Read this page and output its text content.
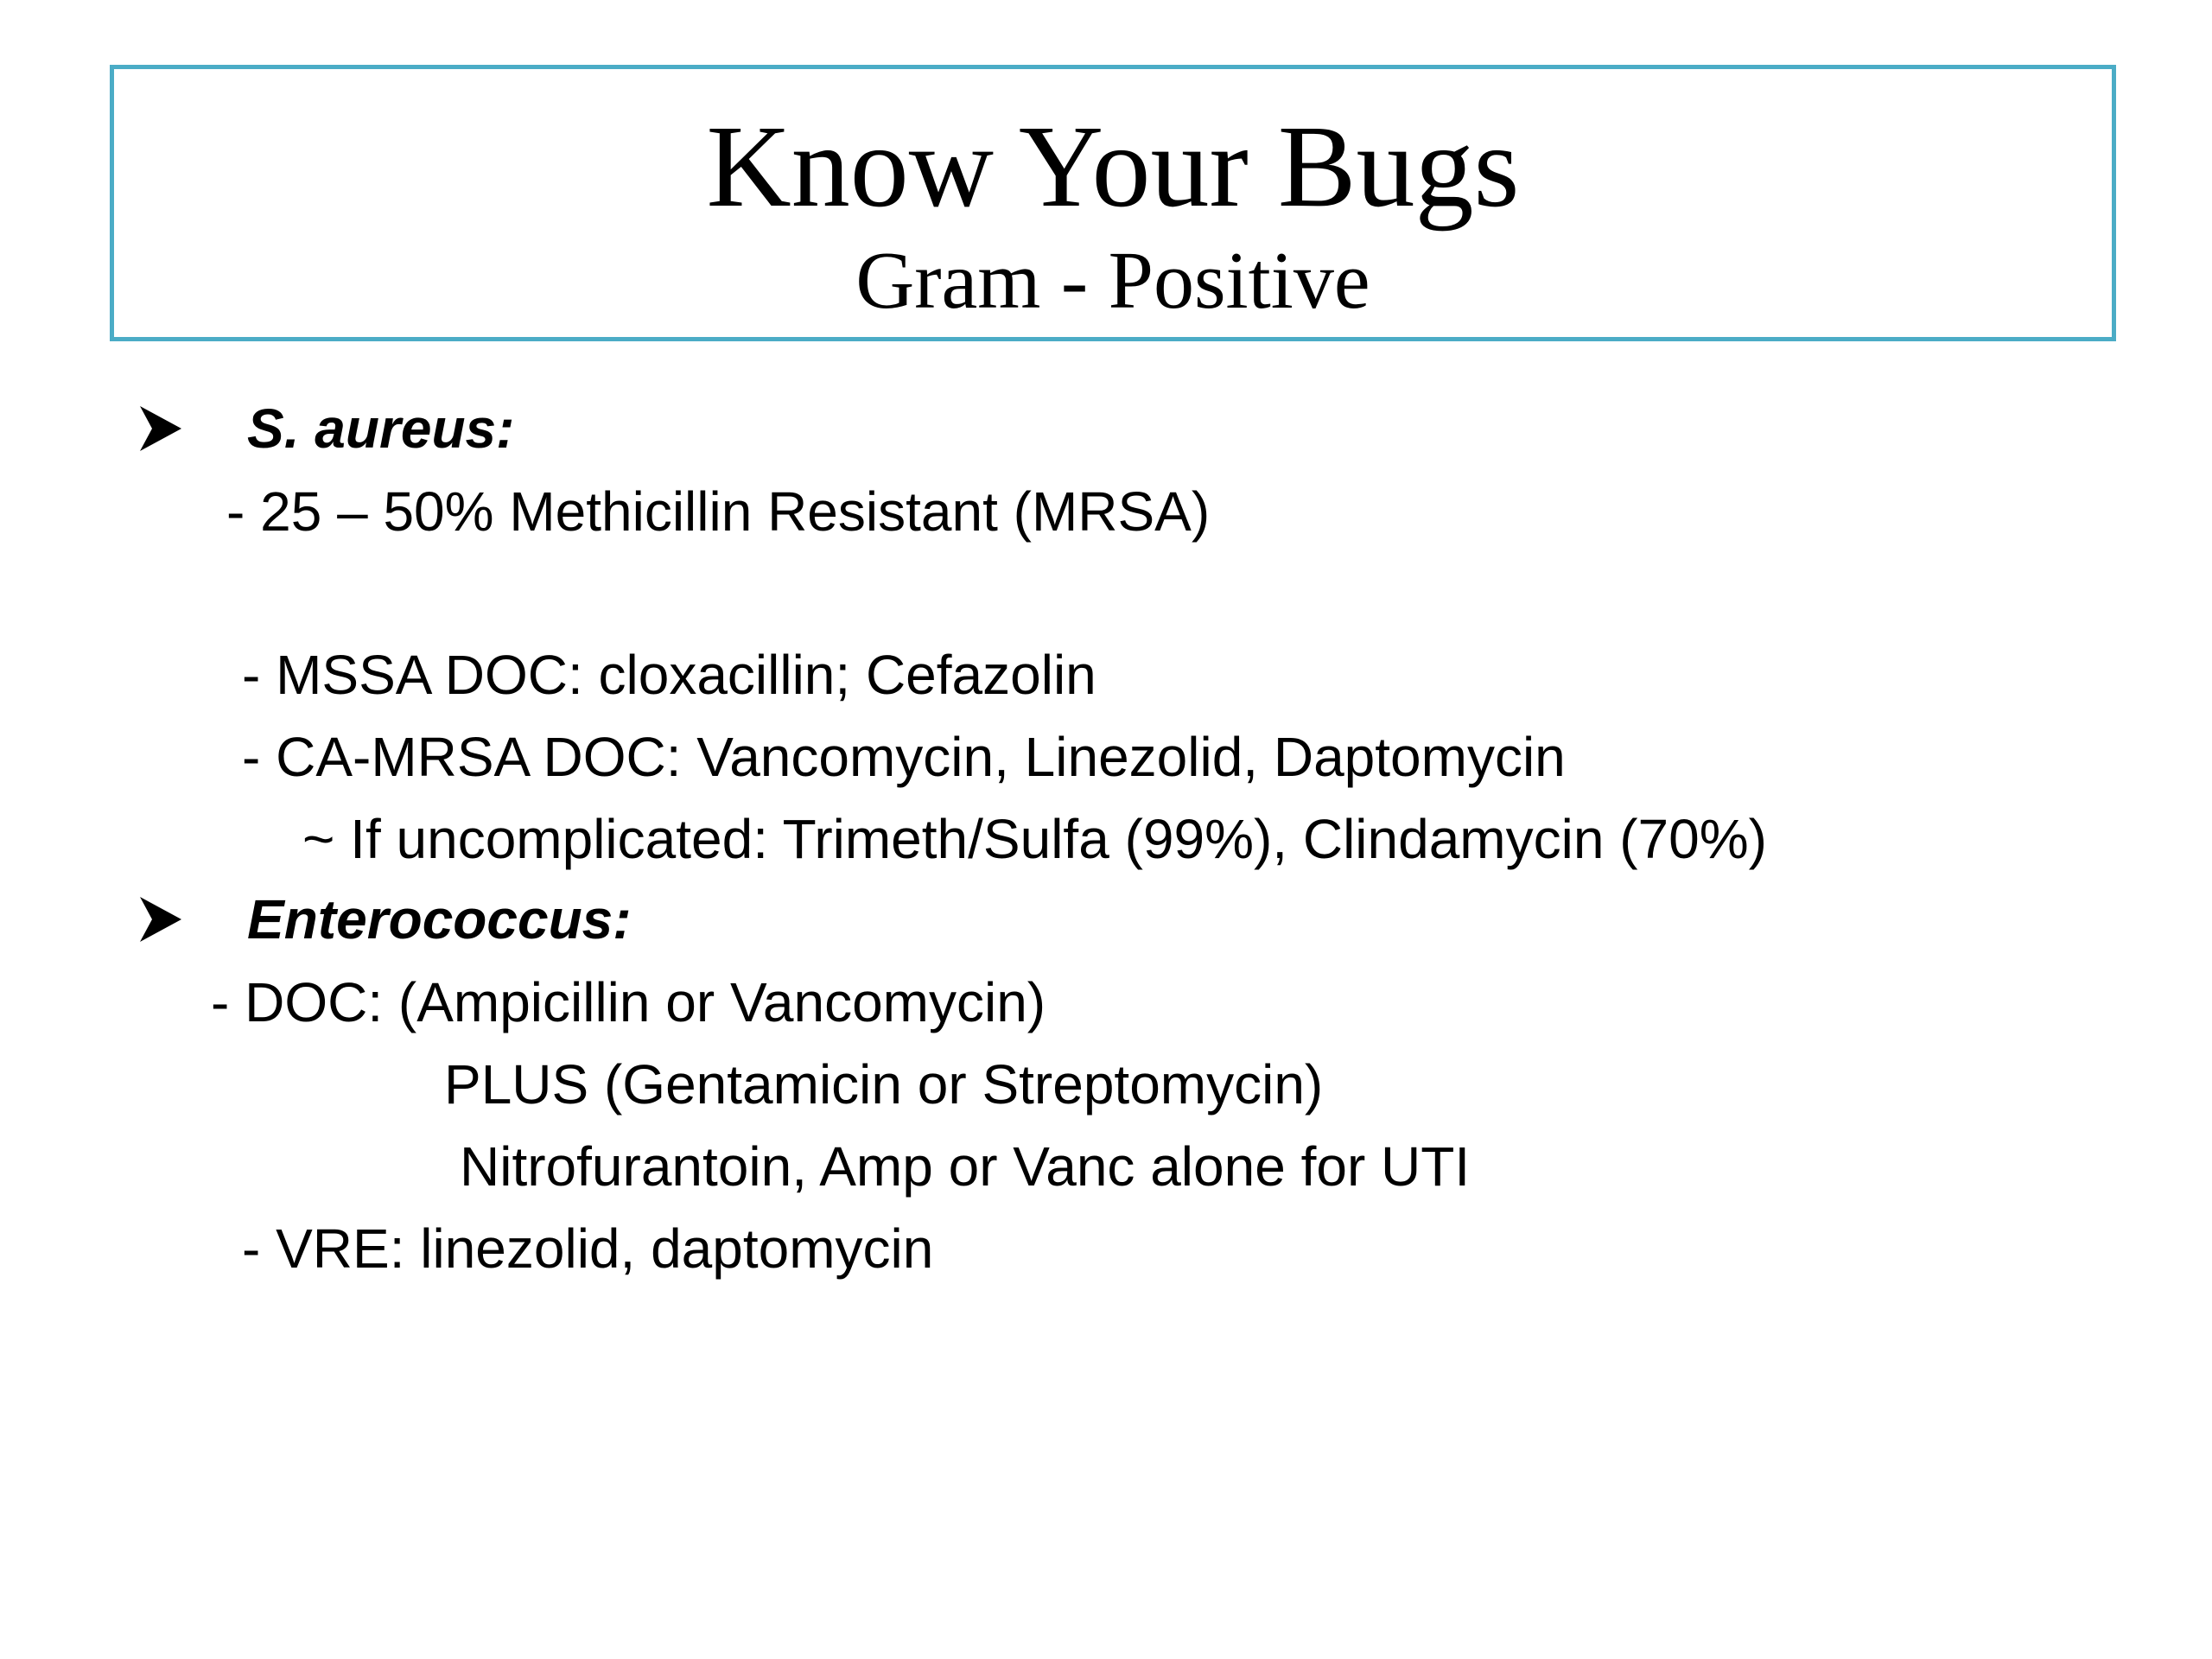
Know Your Bugs
Gram - Positive
S. aureus:
- 25 – 50% Methicillin Resistant (MRSA)
- MSSA DOC: cloxacillin; Cefazolin
- CA-MRSA DOC: Vancomycin, Linezolid, Daptomycin
~ If uncomplicated: Trimeth/Sulfa (99%), Clindamycin (70%)
Enterococcus:
- DOC: (Ampicillin or Vancomycin)
PLUS (Gentamicin or Streptomycin)
Nitrofurantoin, Amp or Vanc alone for UTI
- VRE: linezolid, daptomycin
